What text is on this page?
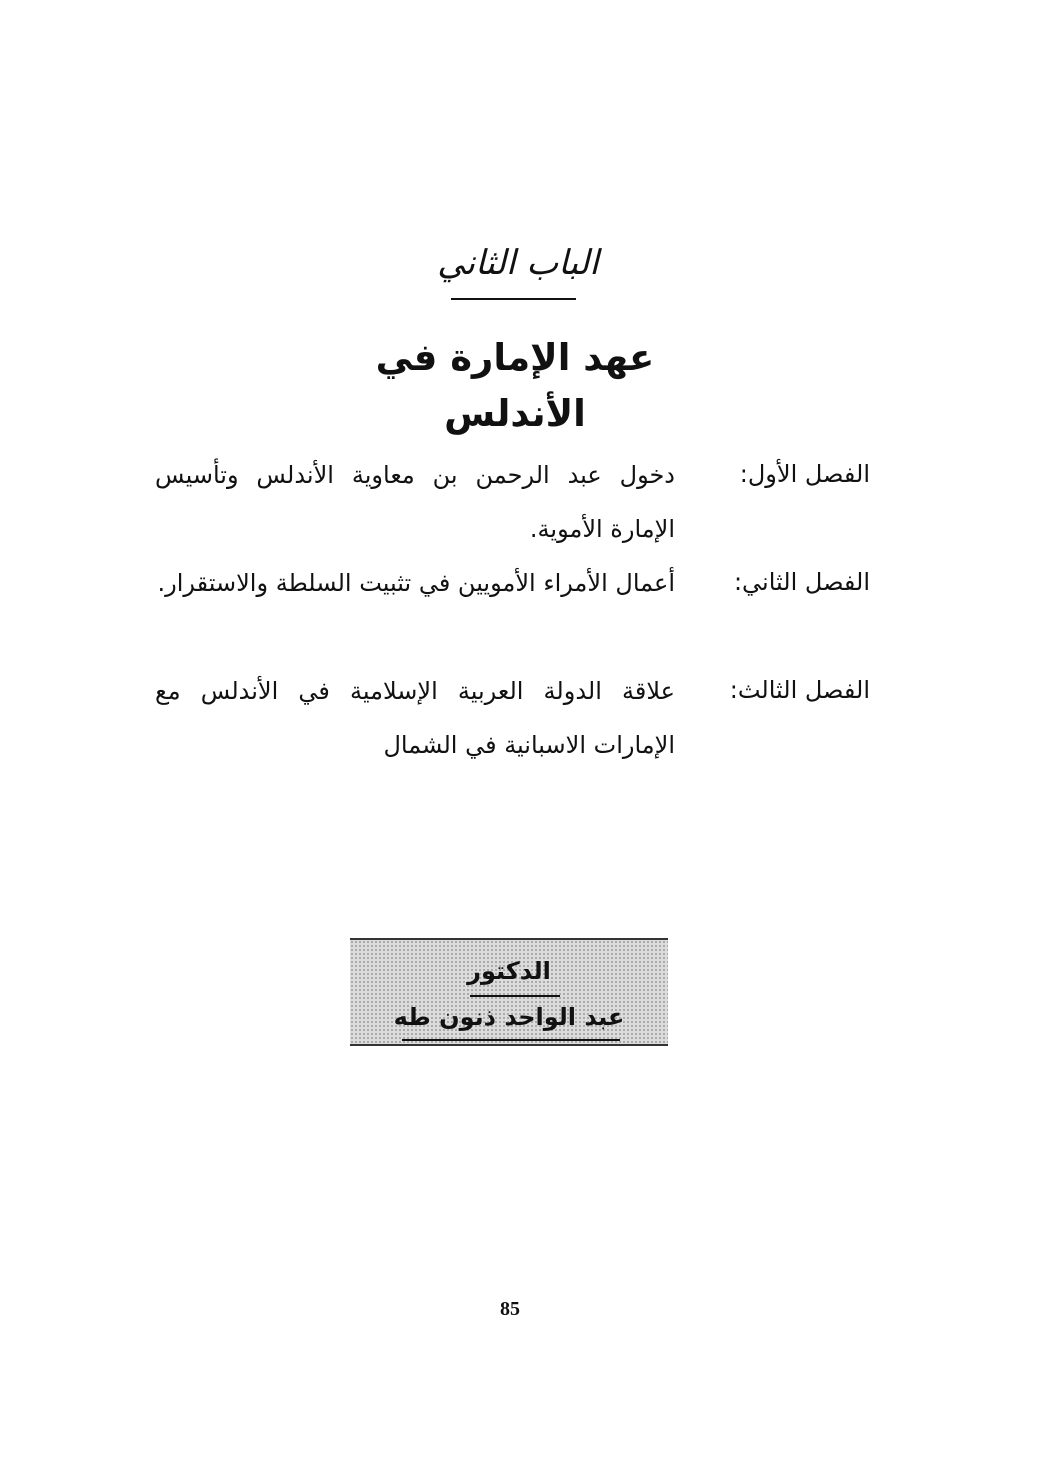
الباب الثاني
عهد الإمارة في الأندلس
الفصل الأول:
دخول عبد الرحمن بن معاوية الأندلس وتأسيس الإمارة الأموية.
الفصل الثاني:
أعمال الأمراء الأمويين في تثبيت السلطة والاستقرار.
الفصل الثالث:
علاقة الدولة العربية الإسلامية في الأندلس مع الإمارات الاسبانية في الشمال
الدكتور
عبد الواحد ذنون طه
85
